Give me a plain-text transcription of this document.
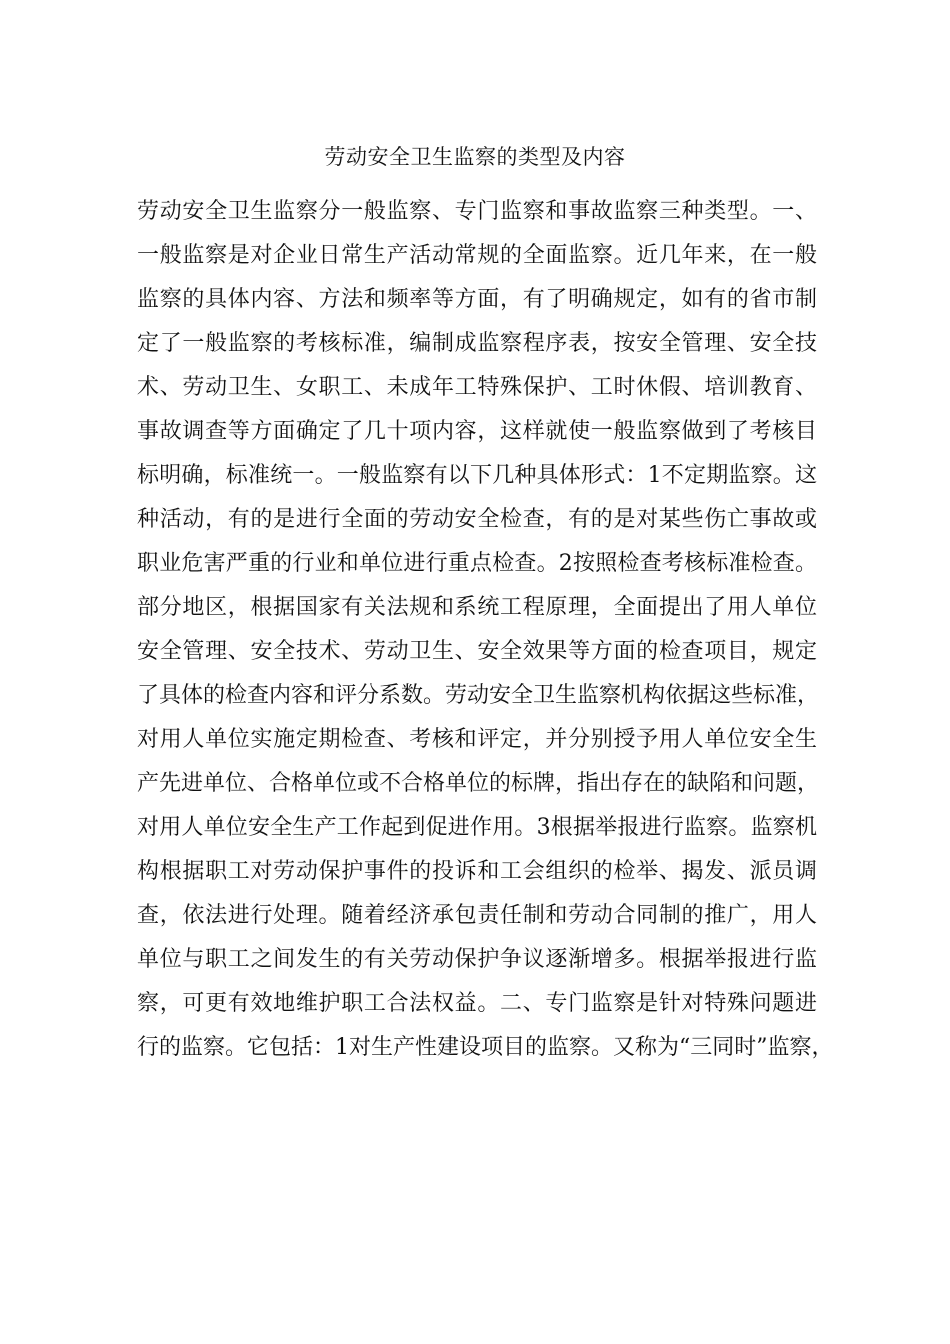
劳动安全卫生监察的类型及内容
劳动安全卫生监察分一般监察、专门监察和事故监察三种类型。一、
一般监察是对企业日常生产活动常规的全面监察。近几年来，在一般
监察的具体内容、方法和频率等方面，有了明确规定，如有的省市制
定了一般监察的考核标准，编制成监察程序表，按安全管理、安全技
术、劳动卫生、女职工、未成年工特殊保护、工时休假、培训教育、
事故调查等方面确定了几十项内容，这样就使一般监察做到了考核目
标明确，标准统一。一般监察有以下几种具体形式：1不定期监察。这
种活动，有的是进行全面的劳动安全检查，有的是对某些伤亡事故或
职业危害严重的行业和单位进行重点检查。2按照检查考核标准检查。
部分地区，根据国家有关法规和系统工程原理，全面提出了用人单位
安全管理、安全技术、劳动卫生、安全效果等方面的检查项目，规定
了具体的检查内容和评分系数。劳动安全卫生监察机构依据这些标准，
对用人单位实施定期检查、考核和评定，并分别授予用人单位安全生
产先进单位、合格单位或不合格单位的标牌，指出存在的缺陷和问题，
对用人单位安全生产工作起到促进作用。3根据举报进行监察。监察机
构根据职工对劳动保护事件的投诉和工会组织的检举、揭发、派员调
查，依法进行处理。随着经济承包责任制和劳动合同制的推广，用人
单位与职工之间发生的有关劳动保护争议逐渐增多。根据举报进行监
察，可更有效地维护职工合法权益。二、专门监察是针对特殊问题进
行的监察。它包括：1对生产性建设项目的监察。又称为“三同时”监察，
